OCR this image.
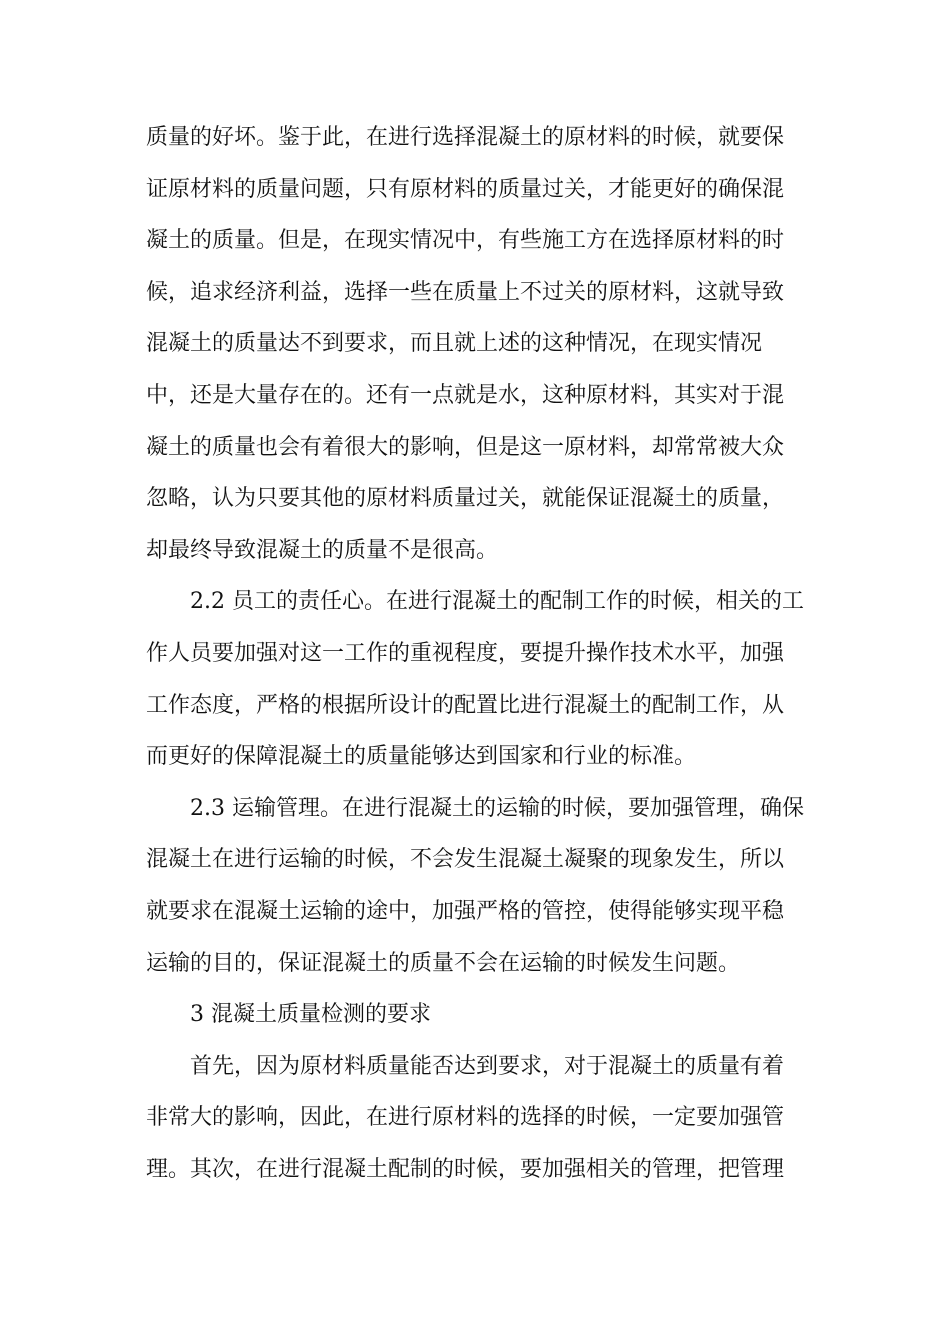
质量的好坏。鉴于此，在进行选择混凝土的原材料的时候，就要保
证原材料的质量问题，只有原材料的质量过关，才能更好的确保混
凝土的质量。但是，在现实情况中，有些施工方在选择原材料的时
候，追求经济利益，选择一些在质量上不过关的原材料，这就导致
混凝土的质量达不到要求，而且就上述的这种情况，在现实情况
中，还是大量存在的。还有一点就是水，这种原材料，其实对于混
凝土的质量也会有着很大的影响，但是这一原材料，却常常被大众
忽略，认为只要其他的原材料质量过关，就能保证混凝土的质量，
却最终导致混凝土的质量不是很高。
2.2 员工的责任心。在进行混凝土的配制工作的时候，相关的工
作人员要加强对这一工作的重视程度，要提升操作技术水平，加强
工作态度，严格的根据所设计的配置比进行混凝土的配制工作，从
而更好的保障混凝土的质量能够达到国家和行业的标准。
2.3 运输管理。在进行混凝土的运输的时候，要加强管理，确保
混凝土在进行运输的时候，不会发生混凝土凝聚的现象发生，所以
就要求在混凝土运输的途中，加强严格的管控，使得能够实现平稳
运输的目的，保证混凝土的质量不会在运输的时候发生问题。
3 混凝土质量检测的要求
首先，因为原材料质量能否达到要求，对于混凝土的质量有着
非常大的影响，因此，在进行原材料的选择的时候，一定要加强管
理。其次，在进行混凝土配制的时候，要加强相关的管理，把管理
